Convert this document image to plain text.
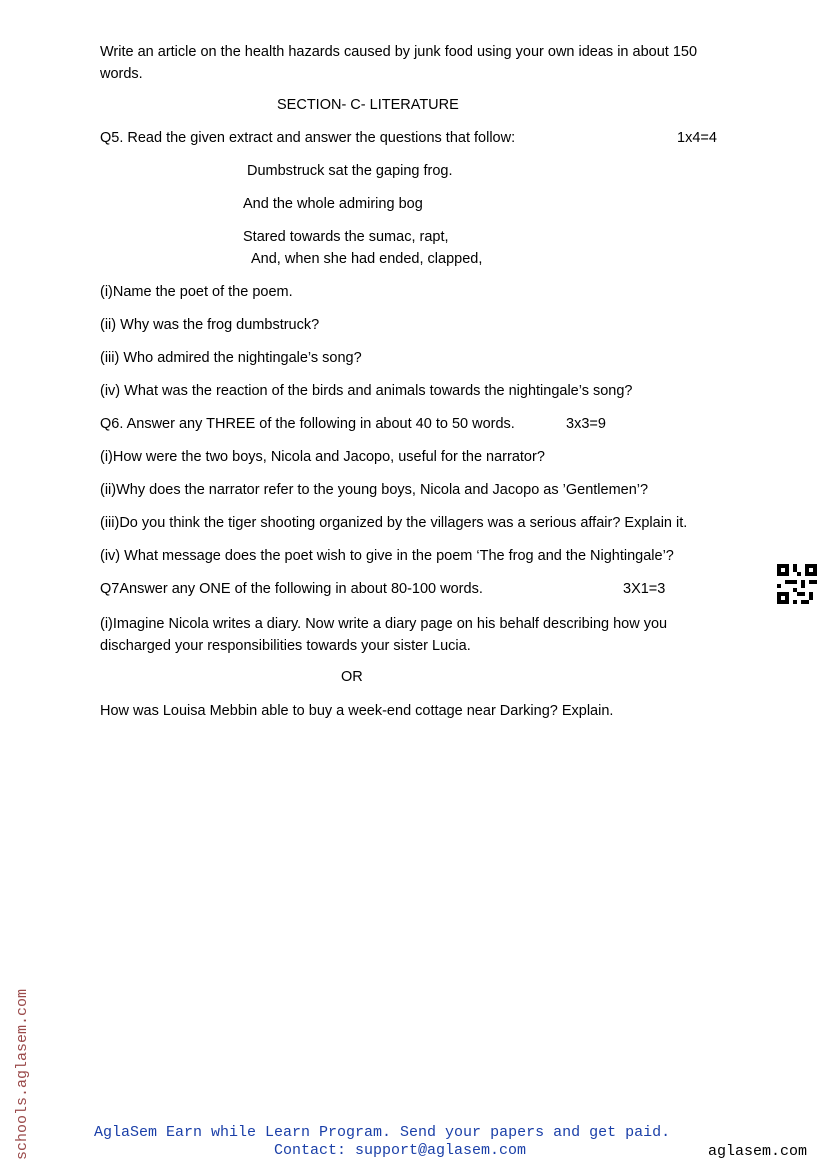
Write an article on the health hazards caused by junk food using your own ideas in about 150 words.
SECTION- C- LITERATURE
Q5. Read the given extract and answer the questions that follow:	1x4=4
Dumbstruck sat the gaping frog.
And the whole admiring bog
Stared towards the sumac, rapt,
And, when she had ended, clapped,
(i)Name the poet of the poem.
(ii) Why was the frog dumbstruck?
(iii) Who admired the nightingale’s song?
(iv) What was the reaction of the birds and animals towards the nightingale’s song?
Q6. Answer any THREE of the following in about 40 to 50 words.	3x3=9
(i)How were the two boys, Nicola and Jacopo, useful for the narrator?
(ii)Why does the narrator refer to the young boys, Nicola and Jacopo as ’Gentlemen’?
(iii)Do you think the tiger shooting organized by the villagers was a serious affair? Explain it.
(iv) What message does the poet wish to give in the poem ‘The frog and the Nightingale’?
Q7Answer any ONE of the following in about 80-100 words.	3X1=3
(i)Imagine Nicola writes a diary. Now write a diary page on his behalf describing how you discharged your responsibilities towards your sister Lucia.
OR
How was Louisa Mebbin able to buy a week-end cottage near Darking? Explain.
schools.aglasem.com	AglaSem Earn while Learn Program. Send your papers and get paid.
Contact: support@aglasem.com	aglasem.com
